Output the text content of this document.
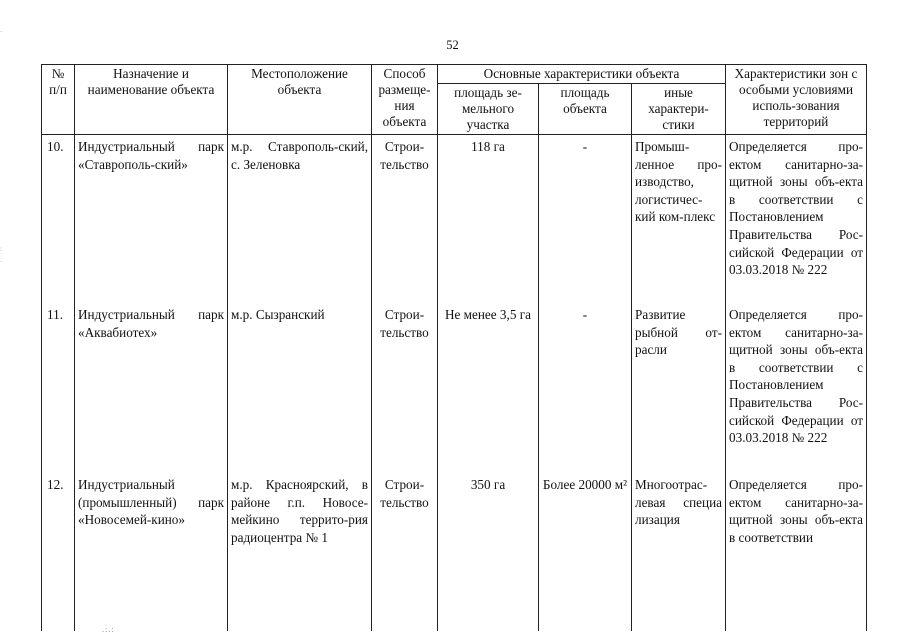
52
№ п/п	Назначение и наименование объекта	Местоположение объекта	Способ размеще-ния объекта	Основные характеристики объекта			Характеристики зон с особыми условиями исполь-зования территорий
				площадь зе-мельного участка	площадь объекта	иные характери-стики	
10.	Индустриальный парк «Ставрополь-ский»	м.р. Ставрополь-ский, с. Зеленовка	Строи-тельство	118 га	-	Промыш-ленное про-изводство, логистичес-кий ком-плекс	Определяется про-ектом санитарно-за-щитной зоны объ-екта в соответствии с Постановлением Правительства Рос-сийской Федерации от 03.03.2018 № 222
11.	Индустриальный парк «Аквабиотех»	м.р. Сызранский	Строи-тельство	Не менее 3,5 га	-	Развитие рыбной от-расли	Определяется про-ектом санитарно-за-щитной зоны объ-екта в соответствии с Постановлением Правительства Рос-сийской Федерации от 03.03.2018 № 222
12.	Индустриальный (промышленный) парк «Новосемей-кино»	м.р. Красноярский, в районе г.п. Новосе-мейкино террито-рия радиоцентра № 1	Строи-тельство	350 га	Более 20000 м²	Многоотрас-левая специа лизация	Определяется про-ектом санитарно-за-щитной зоны объ-екта в соответствии
·
:
·
.:.:
